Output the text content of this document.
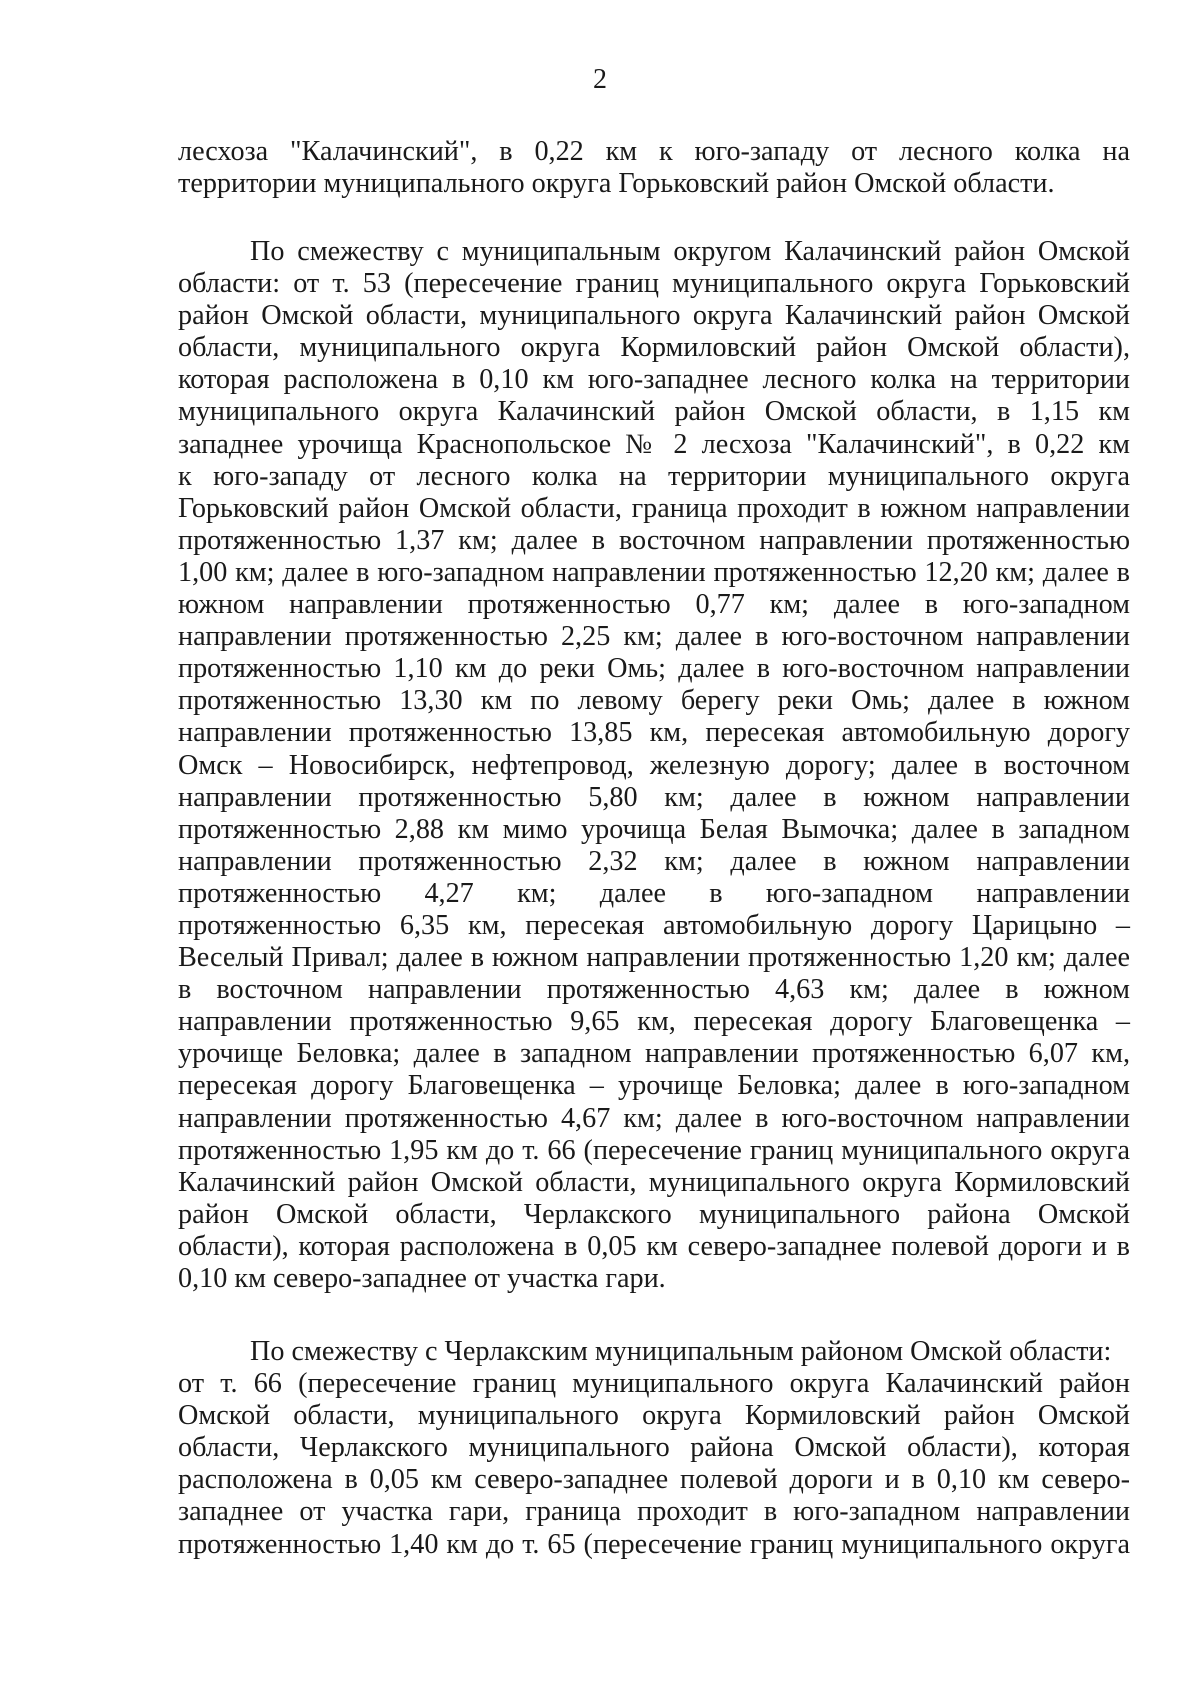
2
лесхоза "Калачинский", в 0,22 км к юго-западу от лесного колка на
территории муниципального округа Горьковский район Омской области.
По смежеству с муниципальным округом Калачинский район Омской
области: от т. 53 (пересечение границ муниципального округа Горьковский
район Омской области, муниципального округа Калачинский район Омской
области, муниципального округа Кормиловский район Омской области),
которая расположена в 0,10 км юго-западнее лесного колка на территории
муниципального округа Калачинский район Омской области, в 1,15 км
западнее урочища Краснопольское № 2 лесхоза "Калачинский", в 0,22 км
к юго-западу от лесного колка на территории муниципального округа
Горьковский район Омской области, граница проходит в южном направлении
протяженностью 1,37 км; далее в восточном направлении протяженностью
1,00 км; далее в юго-западном направлении протяженностью 12,20 км; далее в
южном направлении протяженностью 0,77 км; далее в юго-западном
направлении протяженностью 2,25 км; далее в юго-восточном направлении
протяженностью 1,10 км до реки Омь; далее в юго-восточном направлении
протяженностью 13,30 км по левому берегу реки Омь; далее в южном
направлении протяженностью 13,85 км, пересекая автомобильную дорогу
Омск – Новосибирск, нефтепровод, железную дорогу; далее в восточном
направлении протяженностью 5,80 км; далее в южном направлении
протяженностью 2,88 км мимо урочища Белая Вымочка; далее в западном
направлении протяженностью 2,32 км; далее в южном направлении
протяженностью 4,27 км; далее в юго-западном направлении
протяженностью 6,35 км, пересекая автомобильную дорогу Царицыно –
Веселый Привал; далее в южном направлении протяженностью 1,20 км; далее
в восточном направлении протяженностью 4,63 км; далее в южном
направлении протяженностью 9,65 км, пересекая дорогу Благовещенка –
урочище Беловка; далее в западном направлении протяженностью 6,07 км,
пересекая дорогу Благовещенка – урочище Беловка; далее в юго-западном
направлении протяженностью 4,67 км; далее в юго-восточном направлении
протяженностью 1,95 км до т. 66 (пересечение границ муниципального округа
Калачинский район Омской области, муниципального округа Кормиловский
район Омской области, Черлакского муниципального района Омской
области), которая расположена в 0,05 км северо-западнее полевой дороги и в
0,10 км северо-западнее от участка гари.
По смежеству с Черлакским муниципальным районом Омской области:
от т. 66 (пересечение границ муниципального округа Калачинский район
Омской области, муниципального округа Кормиловский район Омской
области, Черлакского муниципального района Омской области), которая
расположена в 0,05 км северо-западнее полевой дороги и в 0,10 км северо-
западнее от участка гари, граница проходит в юго-западном направлении
протяженностью 1,40 км до т. 65 (пересечение границ муниципального округа
